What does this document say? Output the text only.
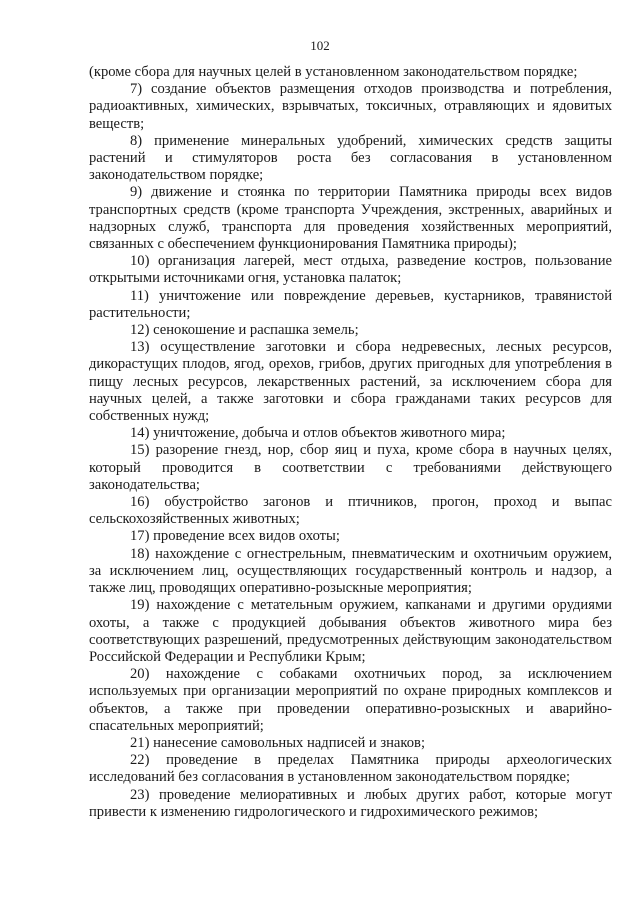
102

(кроме сбора для научных целей в установленном законодательством порядке;

7) создание объектов размещения отходов производства и потребления, радиоактивных, химических, взрывчатых, токсичных, отравляющих и ядовитых веществ;

8) применение минеральных удобрений, химических средств защиты растений и стимуляторов роста без согласования в установленном законодательством порядке;

9) движение и стоянка по территории Памятника природы всех видов транспортных средств (кроме транспорта Учреждения, экстренных, аварийных и надзорных служб, транспорта для проведения хозяйственных мероприятий, связанных с обеспечением функционирования Памятника природы);

10) организация лагерей, мест отдыха, разведение костров, пользование открытыми источниками огня, установка палаток;

11) уничтожение или повреждение деревьев, кустарников, травянистой растительности;

12) сенокошение и распашка земель;

13) осуществление заготовки и сбора недревесных, лесных ресурсов, дикорастущих плодов, ягод, орехов, грибов, других пригодных для употребления в пищу лесных ресурсов, лекарственных растений, за исключением сбора для научных целей, а также заготовки и сбора гражданами таких ресурсов для собственных нужд;

14) уничтожение, добыча и отлов объектов животного мира;

15) разорение гнезд, нор, сбор яиц и пуха, кроме сбора в научных целях, который проводится в соответствии с требованиями действующего законодательства;

16) обустройство загонов и птичников, прогон, проход и выпас сельскохозяйственных животных;

17) проведение всех видов охоты;

18) нахождение с огнестрельным, пневматическим и охотничьим оружием, за исключением лиц, осуществляющих государственный контроль и надзор, а также лиц, проводящих оперативно-розыскные мероприятия;

19) нахождение с метательным оружием, капканами и другими орудиями охоты, а также с продукцией добывания объектов животного мира без соответствующих разрешений, предусмотренных действующим законодательством Российской Федерации и Республики Крым;

20) нахождение с собаками охотничьих пород, за исключением используемых при организации мероприятий по охране природных комплексов и объектов, а также при проведении оперативно-розыскных и аварийно-спасательных мероприятий;

21) нанесение самовольных надписей и знаков;

22) проведение в пределах Памятника природы археологических исследований без согласования в установленном законодательством порядке;

23) проведение мелиоративных и любых других работ, которые могут привести к изменению гидрологического и гидрохимического режимов;
